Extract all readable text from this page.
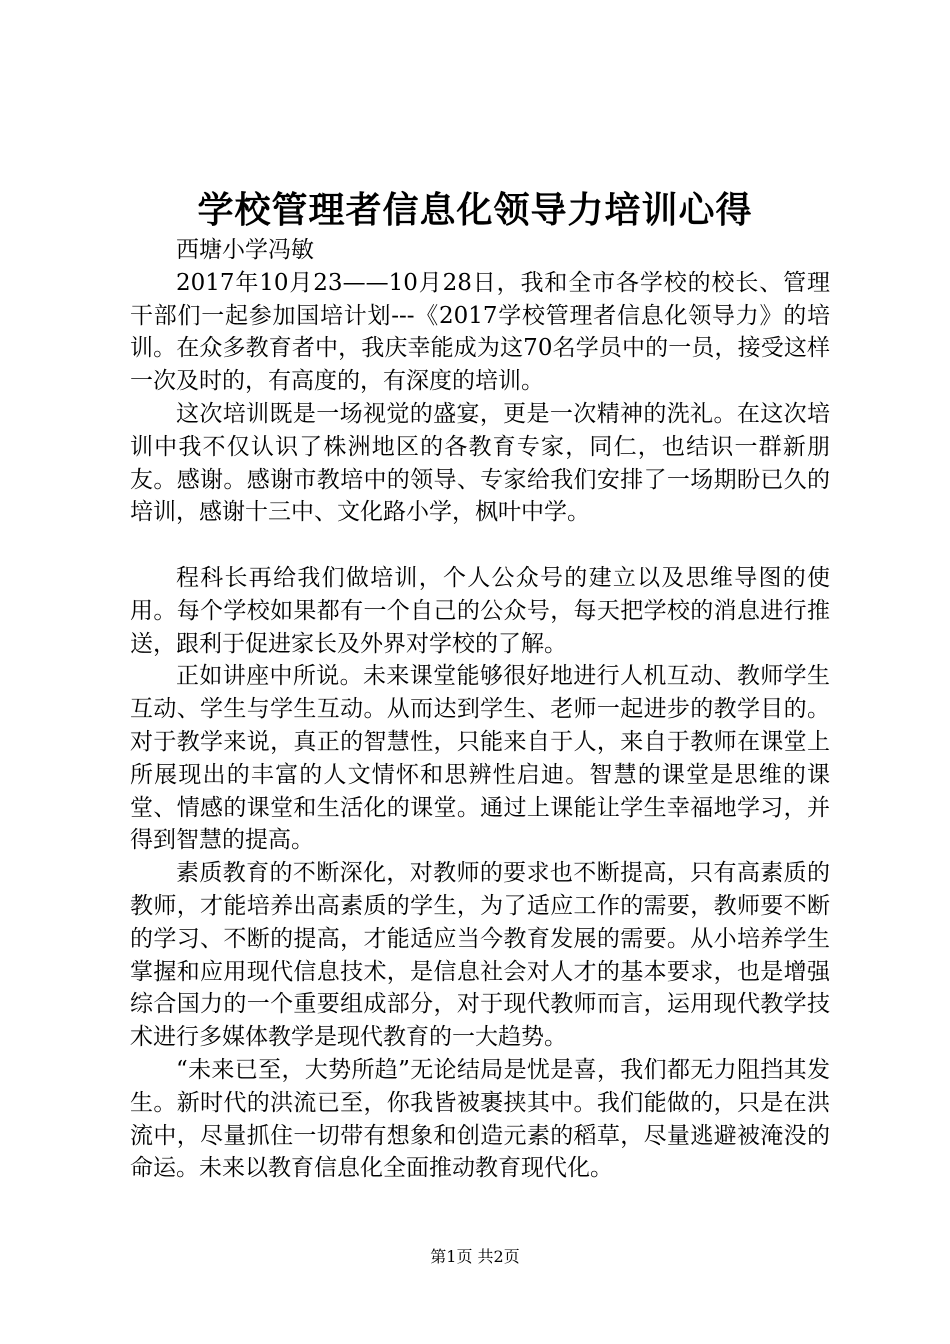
学校管理者信息化领导力培训心得

西塘小学冯敏

2017年10月23——10月28日，我和全市各学校的校长、管理干部们一起参加国培计划---《2017学校管理者信息化领导力》的培训。在众多教育者中，我庆幸能成为这70名学员中的一员，接受这样一次及时的，有高度的，有深度的培训。

这次培训既是一场视觉的盛宴，更是一次精神的洗礼。在这次培训中我不仅认识了株洲地区的各教育专家，同仁，也结识一群新朋友。感谢。感谢市教培中的领导、专家给我们安排了一场期盼已久的培训，感谢十三中、文化路小学，枫叶中学。

程科长再给我们做培训，个人公众号的建立以及思维导图的使用。每个学校如果都有一个自己的公众号，每天把学校的消息进行推送，跟利于促进家长及外界对学校的了解。

正如讲座中所说。未来课堂能够很好地进行人机互动、教师学生互动、学生与学生互动。从而达到学生、老师一起进步的教学目的。对于教学来说，真正的智慧性，只能来自于人，来自于教师在课堂上所展现出的丰富的人文情怀和思辨性启迪。智慧的课堂是思维的课堂、情感的课堂和生活化的课堂。通过上课能让学生幸福地学习，并得到智慧的提高。

素质教育的不断深化，对教师的要求也不断提高，只有高素质的教师，才能培养出高素质的学生，为了适应工作的需要，教师要不断的学习、不断的提高，才能适应当今教育发展的需要。从小培养学生掌握和应用现代信息技术，是信息社会对人才的基本要求，也是增强综合国力的一个重要组成部分，对于现代教师而言，运用现代教学技术进行多媒体教学是现代教育的一大趋势。

“未来已至，大势所趋”无论结局是忧是喜，我们都无力阻挡其发生。新时代的洪流已至，你我皆被裹挟其中。我们能做的，只是在洪流中，尽量抓住一切带有想象和创造元素的稻草，尽量逃避被淹没的命运。未来以教育信息化全面推动教育现代化。

第1页 共2页
